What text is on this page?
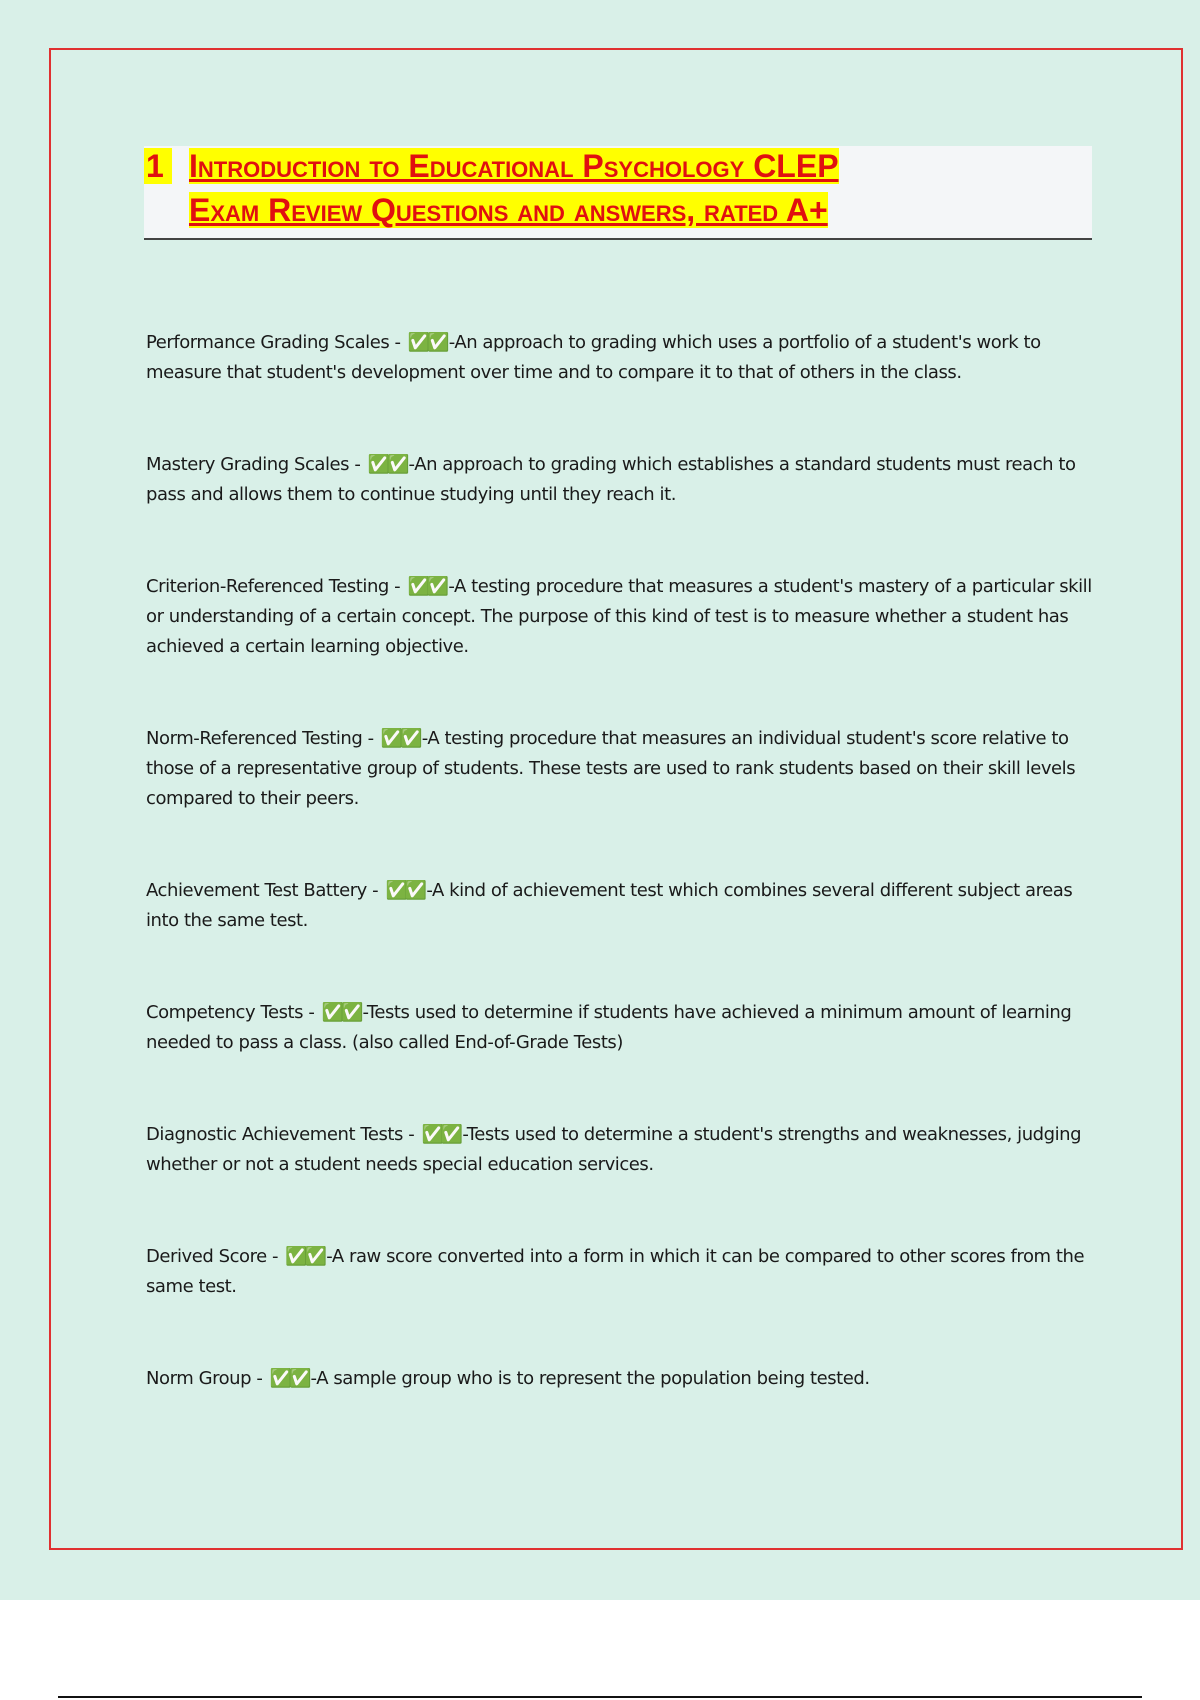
1 Introduction to Educational Psychology CLEP
Exam Review Questions and answers, rated A+

Performance Grading Scales - ✅✅ -An approach to grading which uses a portfolio of a student's work to measure that student's development over time and to compare it to that of others in the class.

Mastery Grading Scales - ✅✅ -An approach to grading which establishes a standard students must reach to pass and allows them to continue studying until they reach it.

Criterion-Referenced Testing - ✅✅ -A testing procedure that measures a student's mastery of a particular skill or understanding of a certain concept. The purpose of this kind of test is to measure whether a student has achieved a certain learning objective.

Norm-Referenced Testing - ✅✅ -A testing procedure that measures an individual student's score relative to those of a representative group of students. These tests are used to rank students based on their skill levels compared to their peers.

Achievement Test Battery - ✅✅ -A kind of achievement test which combines several different subject areas into the same test.

Competency Tests - ✅✅ -Tests used to determine if students have achieved a minimum amount of learning needed to pass a class. (also called End-of-Grade Tests)

Diagnostic Achievement Tests - ✅✅ -Tests used to determine a student's strengths and weaknesses, judging whether or not a student needs special education services.

Derived Score - ✅✅ -A raw score converted into a form in which it can be compared to other scores from the same test.

Norm Group - ✅✅ -A sample group who is to represent the population being tested.
